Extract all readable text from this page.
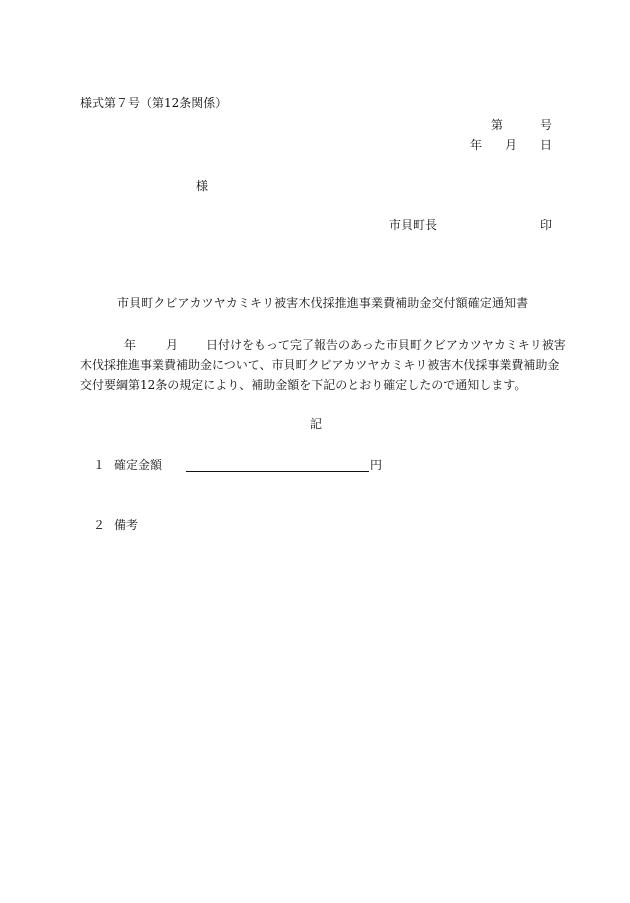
様式第７号（第12条関係）
第	号
年 月 日
様
市貝町長	印
市貝町クビアカツヤカミキリ被害木伐採推進事業費補助金交付額確定通知書
年	月 日付けをもって完了報告のあった市貝町クビアカツヤカミキリ被害
木伐採推進事業費補助金について、市貝町クビアカツヤカミキリ被害木伐採事業費補助金
交付要綱第12条の規定により、補助金額を下記のとおり確定したので通知します。
記
１ 確定金額	円
２ 備考
